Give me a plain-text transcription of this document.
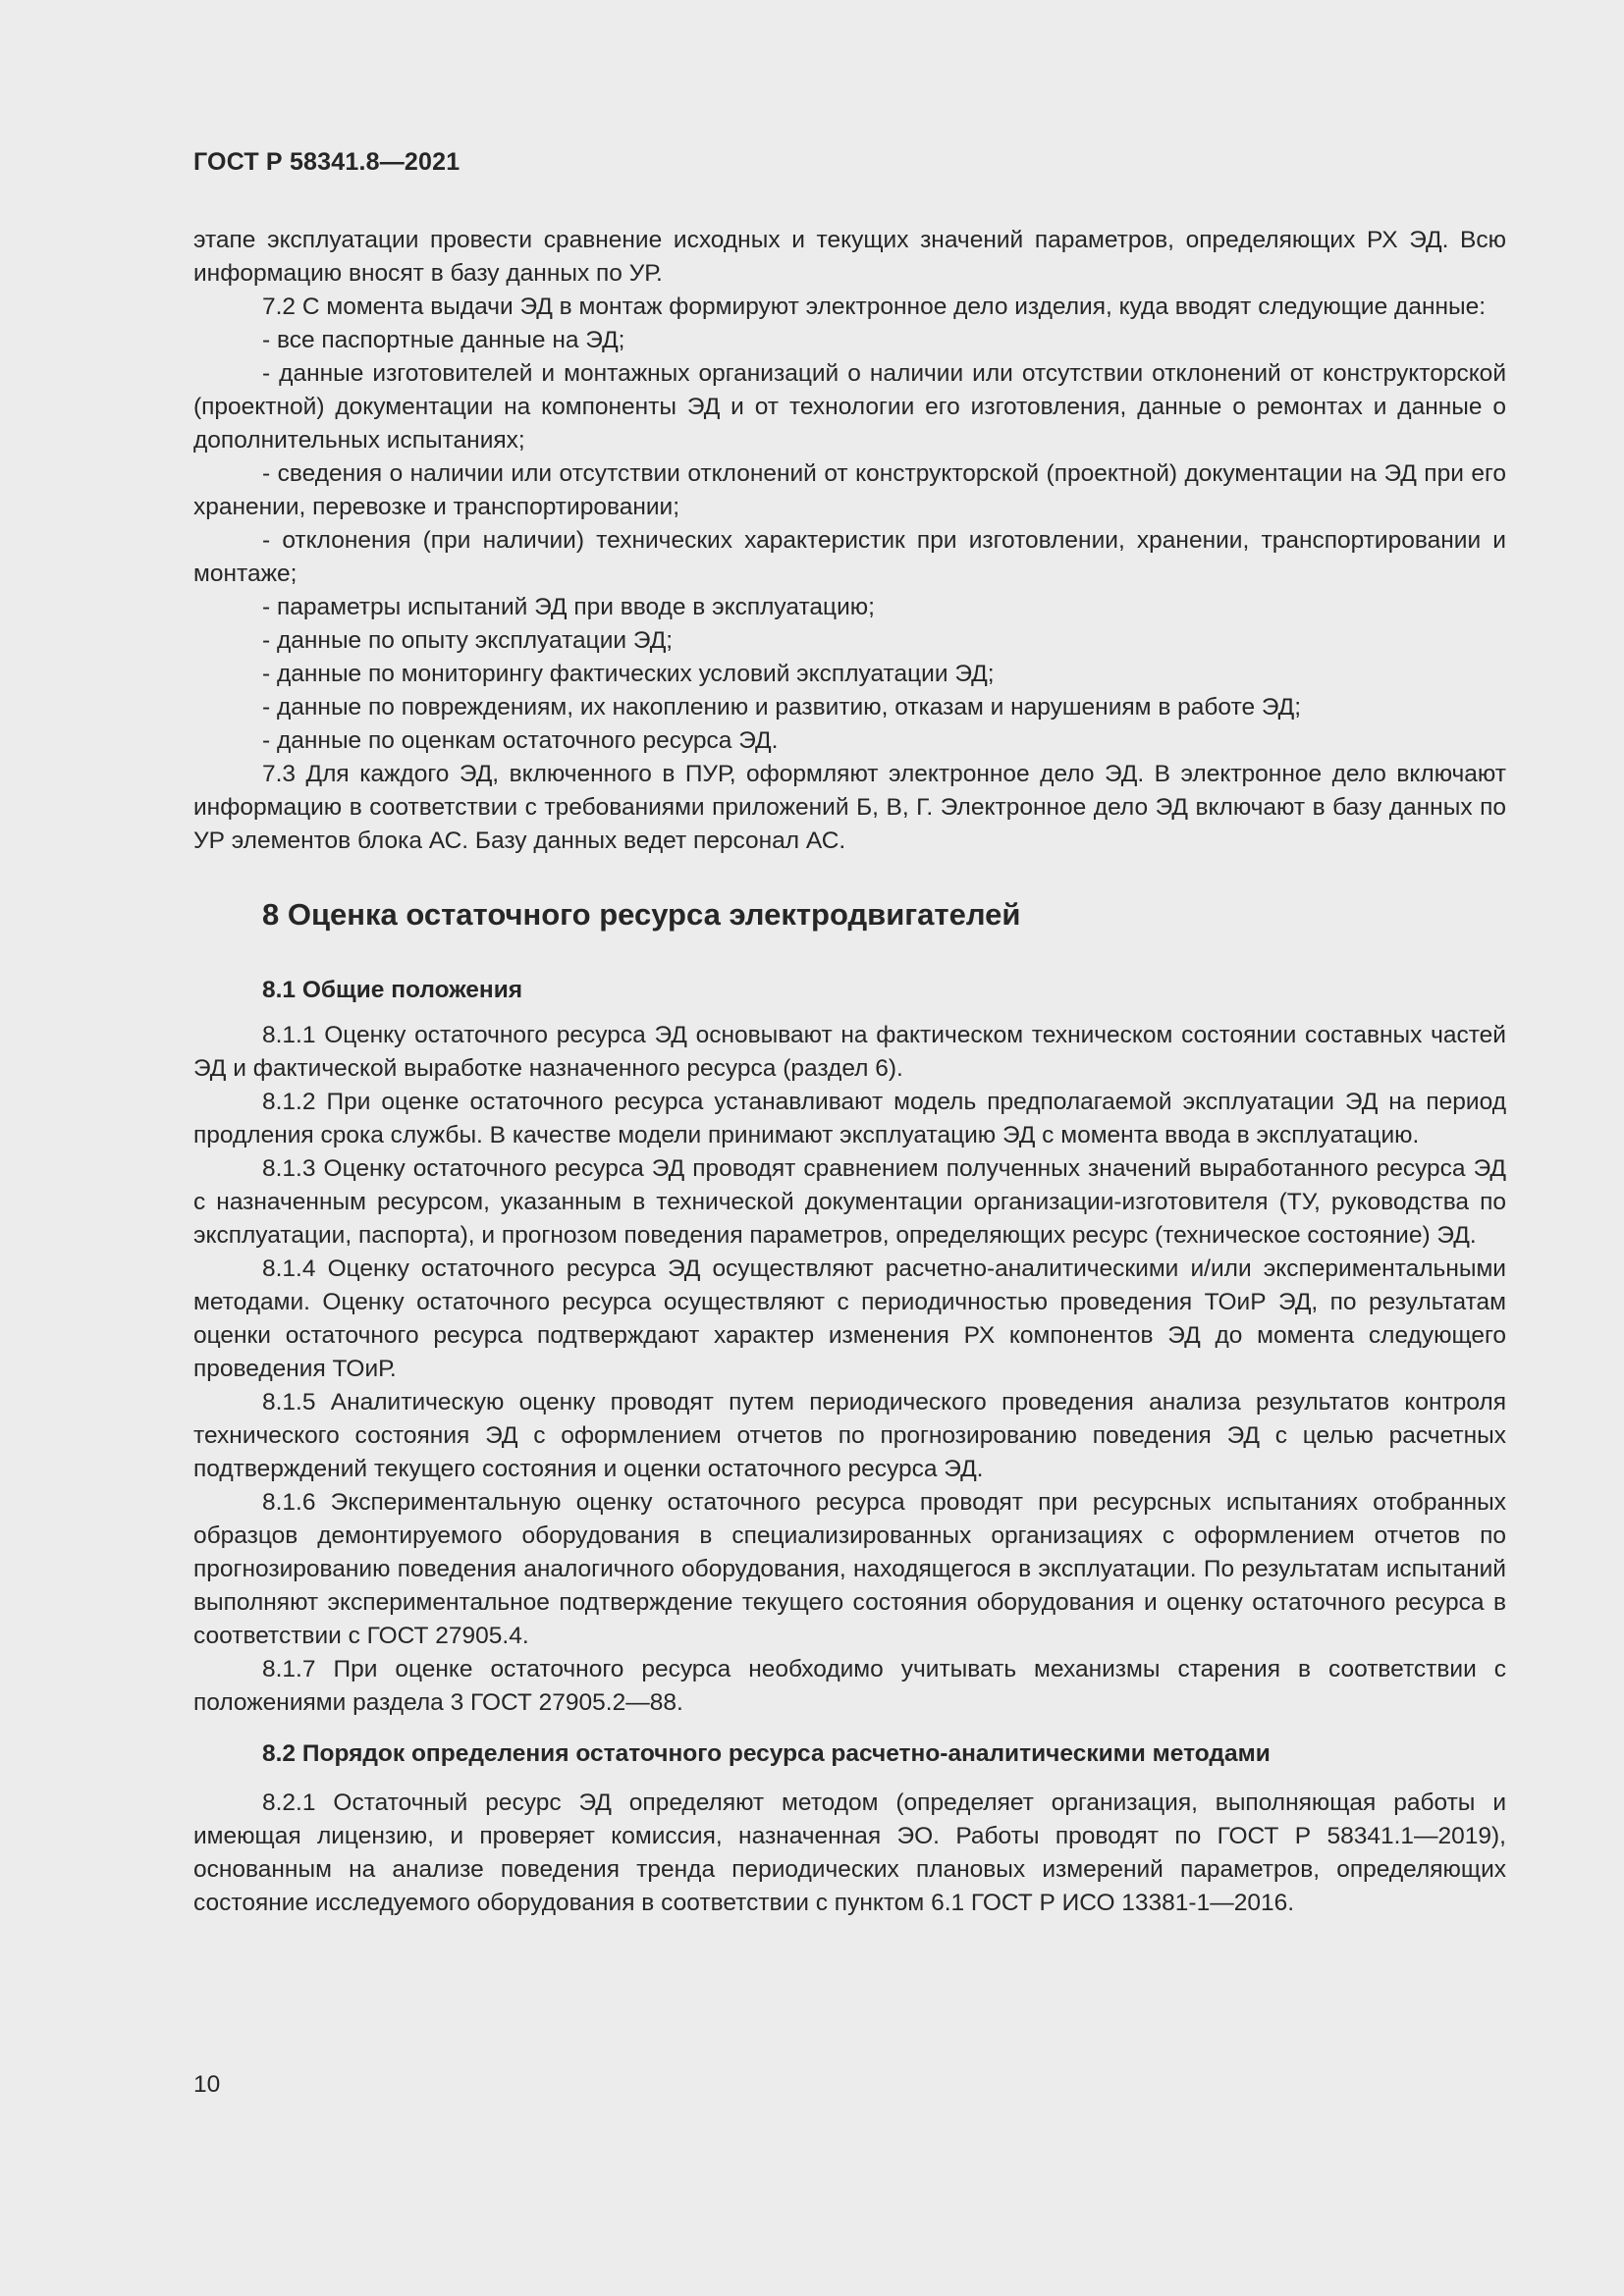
ГОСТ Р 58341.8—2021

этапе эксплуатации провести сравнение исходных и текущих значений параметров, определяющих РХ ЭД. Всю информацию вносят в базу данных по УР.

7.2 С момента выдачи ЭД в монтаж формируют электронное дело изделия, куда вводят следующие данные:

- все паспортные данные на ЭД;

- данные изготовителей и монтажных организаций о наличии или отсутствии отклонений от конструкторской (проектной) документации на компоненты ЭД и от технологии его изготовления, данные о ремонтах и данные о дополнительных испытаниях;

- сведения о наличии или отсутствии отклонений от конструкторской (проектной) документации на ЭД при его хранении, перевозке и транспортировании;

- отклонения (при наличии) технических характеристик при изготовлении, хранении, транспортировании и монтаже;

- параметры испытаний ЭД при вводе в эксплуатацию;

- данные по опыту эксплуатации ЭД;

- данные по мониторингу фактических условий эксплуатации ЭД;

- данные по повреждениям, их накоплению и развитию, отказам и нарушениям в работе ЭД;

- данные по оценкам остаточного ресурса ЭД.

7.3 Для каждого ЭД, включенного в ПУР, оформляют электронное дело ЭД. В электронное дело включают информацию в соответствии с требованиями приложений Б, В, Г. Электронное дело ЭД включают в базу данных по УР элементов блока АС. Базу данных ведет персонал АС.

8 Оценка остаточного ресурса электродвигателей
8.1 Общие положения

8.1.1 Оценку остаточного ресурса ЭД основывают на фактическом техническом состоянии составных частей ЭД и фактической выработке назначенного ресурса (раздел 6).

8.1.2 При оценке остаточного ресурса устанавливают модель предполагаемой эксплуатации ЭД на период продления срока службы. В качестве модели принимают эксплуатацию ЭД с момента ввода в эксплуатацию.

8.1.3 Оценку остаточного ресурса ЭД проводят сравнением полученных значений выработанного ресурса ЭД с назначенным ресурсом, указанным в технической документации организации-изготовителя (ТУ, руководства по эксплуатации, паспорта), и прогнозом поведения параметров, определяющих ресурс (техническое состояние) ЭД.

8.1.4 Оценку остаточного ресурса ЭД осуществляют расчетно-аналитическими и/или экспериментальными методами. Оценку остаточного ресурса осуществляют с периодичностью проведения ТОиР ЭД, по результатам оценки остаточного ресурса подтверждают характер изменения РХ компонентов ЭД до момента следующего проведения ТОиР.

8.1.5 Аналитическую оценку проводят путем периодического проведения анализа результатов контроля технического состояния ЭД с оформлением отчетов по прогнозированию поведения ЭД с целью расчетных подтверждений текущего состояния и оценки остаточного ресурса ЭД.

8.1.6 Экспериментальную оценку остаточного ресурса проводят при ресурсных испытаниях отобранных образцов демонтируемого оборудования в специализированных организациях с оформлением отчетов по прогнозированию поведения аналогичного оборудования, находящегося в эксплуатации. По результатам испытаний выполняют экспериментальное подтверждение текущего состояния оборудования и оценку остаточного ресурса в соответствии с ГОСТ 27905.4.

8.1.7 При оценке остаточного ресурса необходимо учитывать механизмы старения в соответствии с положениями раздела 3 ГОСТ 27905.2—88.

8.2 Порядок определения остаточного ресурса расчетно-аналитическими методами

8.2.1 Остаточный ресурс ЭД определяют методом (определяет организация, выполняющая работы и имеющая лицензию, и проверяет комиссия, назначенная ЭО. Работы проводят по ГОСТ Р 58341.1—2019), основанным на анализе поведения тренда периодических плановых измерений параметров, определяющих состояние исследуемого оборудования в соответствии с пунктом 6.1 ГОСТ Р ИСО 13381-1—2016.

10
